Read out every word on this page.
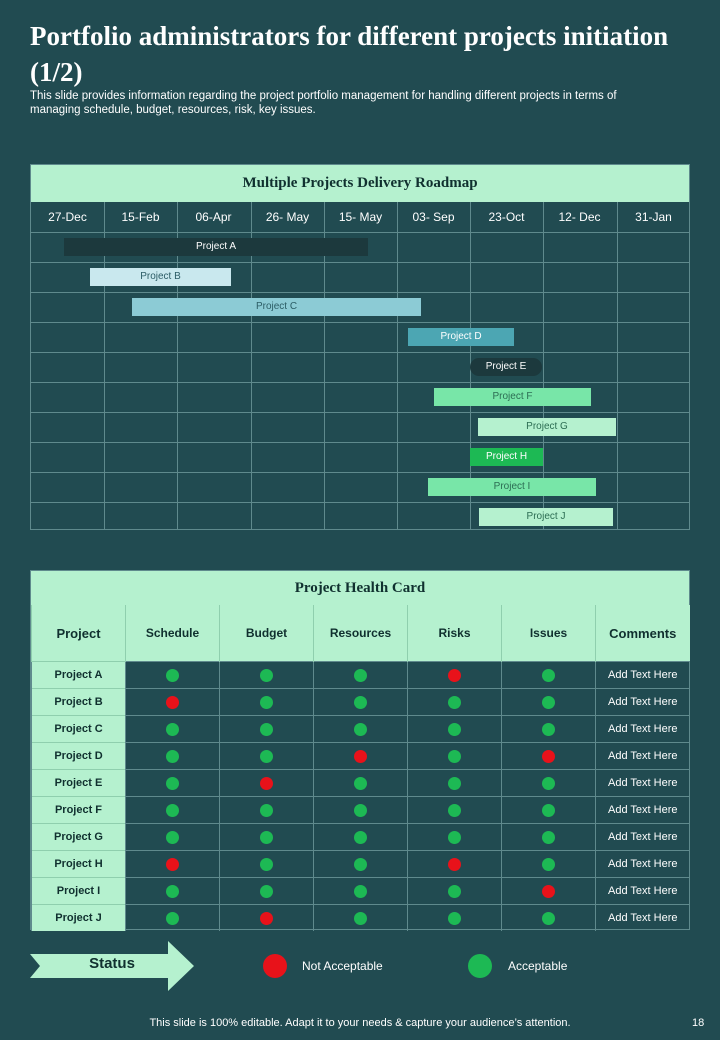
Portfolio administrators for different projects initiation (1/2)
This slide provides information regarding the project portfolio management for handling different projects in terms of managing schedule, budget, resources, risk, key issues.
Multiple Projects Delivery Roadmap
27-Dec	15-Feb	06-Apr	26- May	15- May	03- Sep	23-Oct	12- Dec	31-Jan
Project A
Project B
Project C
Project D
Project E
Project F
Project G
Project H
Project I
Project J
Project Health Card
Project	Schedule	Budget	Resources	Risks	Issues	Comments
Project A						Add Text Here
Project B						Add Text Here
Project C						Add Text Here
Project D						Add Text Here
Project E						Add Text Here
Project F						Add Text Here
Project G						Add Text Here
Project H						Add Text Here
Project I						Add Text Here
Project J						Add Text Here
Status	Not Acceptable	Acceptable
This slide is 100% editable. Adapt it to your needs & capture your audience’s attention.	18
